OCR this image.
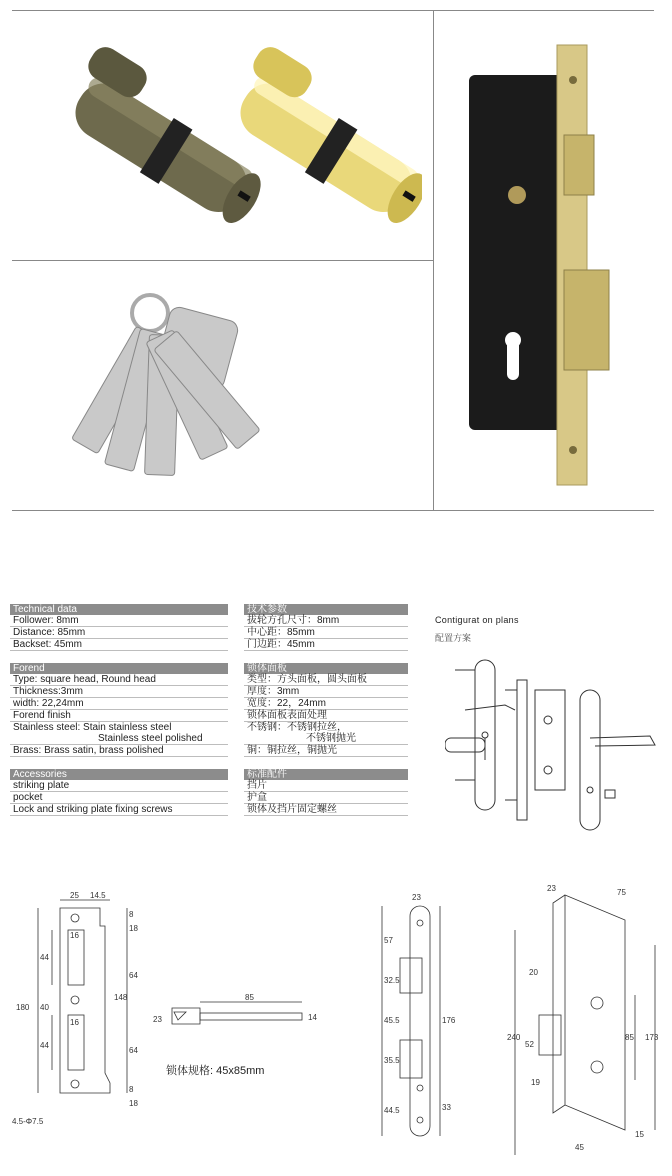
Technical data
Follower: 8mm
Distance: 85mm
Backset: 45mm
Forend
Type: square head, Round head
Thickness:3mm
width: 22,24mm
Forend finish
Stainless steel: Stain stainless steel
Stainless steel polished
Brass: Brass satin, brass polished
Accessories
striking plate
pocket
Lock and striking plate fixing screws
技术参数
拔轮方孔尺寸：8mm
中心距：85mm
门边距：45mm
锁体面板
类型：方头面板，圆头面板
厚度：3mm
宽度：22，24mm
锁体面板表面处理
不锈钢：不锈钢拉丝，
不锈钢抛光
铜：铜拉丝，铜抛光
标准配件
挡片
护盒
锁体及挡片固定螺丝
Contigurat on plans
配置方案
25 14.5
8
18
16
44
64
180 40
148
16
44
64
8
18
4.5-Φ7.5
85
23	14
锁体规格: 45x85mm
23
57
32.5
45.5
35.5
44.5
176
33
23	75
20
240
52
19
85 173
45
15
